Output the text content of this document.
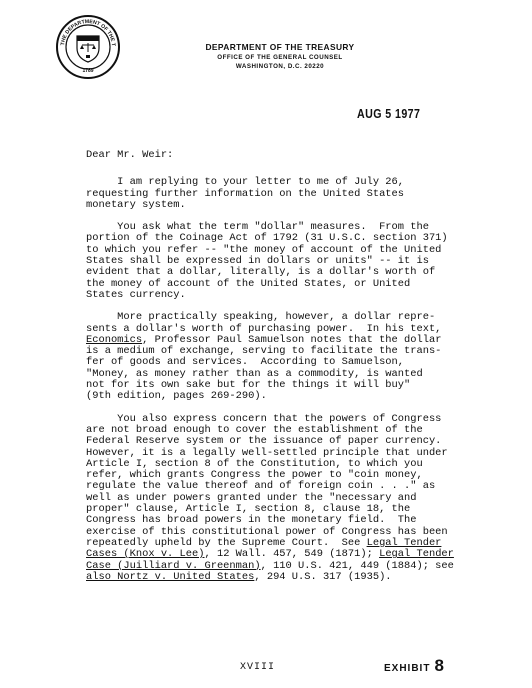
THE DEPARTMENT OF THE T
1789
DEPARTMENT OF THE TREASURY
OFFICE OF THE GENERAL COUNSEL
WASHINGTON, D.C. 20220
AUG 5 1977
Dear Mr. Weir:
I am replying to your letter to me of July 26,
requesting further information on the United States
monetary system.
You ask what the term "dollar" measures.  From the
portion of the Coinage Act of 1792 (31 U.S.C. section 371)
to which you refer -- "the money of account of the United
States shall be expressed in dollars or units" -- it is
evident that a dollar, literally, is a dollar's worth of
the money of account of the United States, or United
States currency.
More practically speaking, however, a dollar repre-
sents a dollar's worth of purchasing power.  In his text,
Economics, Professor Paul Samuelson notes that the dollar
is a medium of exchange, serving to facilitate the trans-
fer of goods and services.  According to Samuelson,
"Money, as money rather than as a commodity, is wanted
not for its own sake but for the things it will buy"
(9th edition, pages 269-290).
You also express concern that the powers of Congress
are not broad enough to cover the establishment of the
Federal Reserve system or the issuance of paper currency.
However, it is a legally well-settled principle that under
Article I, section 8 of the Constitution, to which you
refer, which grants Congress the power to "coin money,
regulate the value thereof and of foreign coin . . ." as
well as under powers granted under the "necessary and
proper" clause, Article I, section 8, clause 18, the
Congress has broad powers in the monetary field.  The
exercise of this constitutional power of Congress has been
repeatedly upheld by the Supreme Court.  See Legal Tender
Cases (Knox v. Lee), 12 Wall. 457, 549 (1871); Legal Tender
Case (Juilliard v. Greenman), 110 U.S. 421, 449 (1884); see
also Nortz v. United States, 294 U.S. 317 (1935).
XVIII	EXHIBIT 8
